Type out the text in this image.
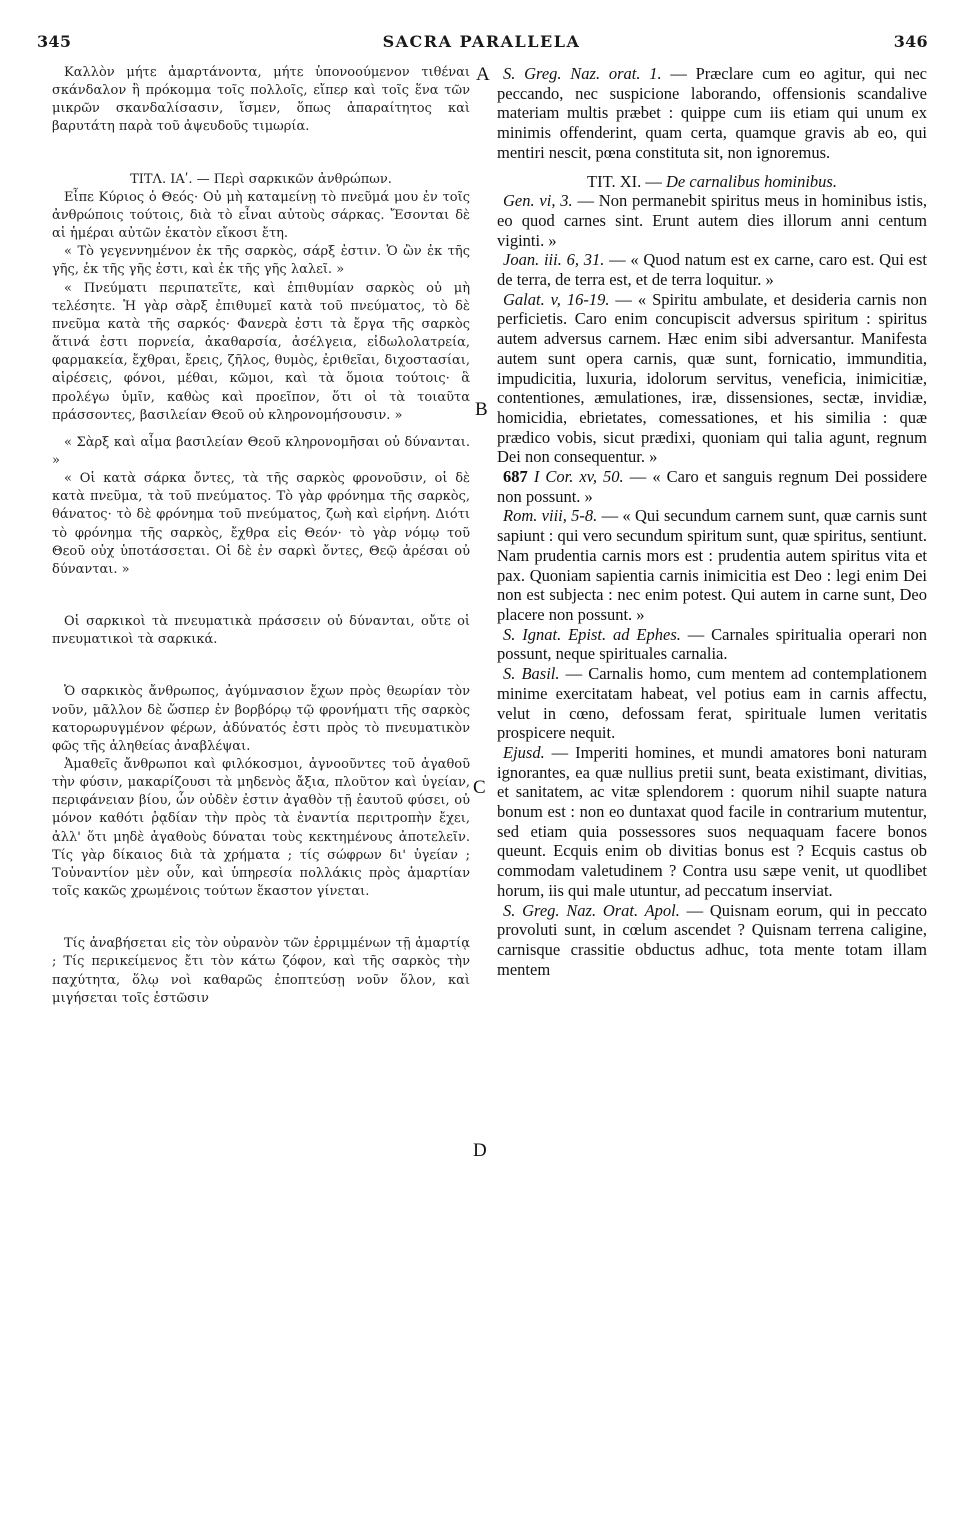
345	SACRA PARALLELA	346
A
B
C
D

Καλλὸν μήτε ἁμαρτάνοντα, μήτε ὑπονοούμενον τιθέναι σκάνδαλον ἢ πρόκομμα τοῖς πολλοῖς, εἴπερ καὶ τοῖς ἕνα τῶν μικρῶν σκανδαλίσασιν, ἴσμεν, ὅπως ἀπαραίτητος καὶ βαρυτάτη παρὰ τοῦ ἀψευδοῦς τιμωρία.

ΤΙΤΛ. ΙΑʹ. — Περὶ σαρκικῶν ἀνθρώπων.

Εἶπε Κύριος ὁ Θεός· Οὐ μὴ καταμείνῃ τὸ πνεῦμά μου ἐν τοῖς ἀνθρώποις τούτοις, διὰ τὸ εἶναι αὐτοὺς σάρκας. Ἔσονται δὲ αἱ ἡμέραι αὐτῶν ἑκατὸν εἴκοσι ἔτη.

« Τὸ γεγεννημένον ἐκ τῆς σαρκὸς, σάρξ ἐστιν. Ὁ ὢν ἐκ τῆς γῆς, ἐκ τῆς γῆς ἐστι, καὶ ἐκ τῆς γῆς λαλεῖ. »

« Πνεύματι περιπατεῖτε, καὶ ἐπιθυμίαν σαρκὸς οὐ μὴ τελέσητε. Ἡ γὰρ σὰρξ ἐπιθυμεῖ κατὰ τοῦ πνεύματος, τὸ δὲ πνεῦμα κατὰ τῆς σαρκός· Φανερὰ ἐστι τὰ ἔργα τῆς σαρκὸς ἅτινά ἐστι πορνεία, ἀκαθαρσία, ἀσέλγεια, εἰδωλολατρεία, φαρμακεία, ἔχθραι, ἔρεις, ζῆλος, θυμὸς, ἐριθεῖαι, διχοστασίαι, αἱρέσεις, φόνοι, μέθαι, κῶμοι, καὶ τὰ ὅμοια τούτοις· ἃ προλέγω ὑμῖν, καθὼς καὶ προεῖπον, ὅτι οἱ τὰ τοιαῦτα πράσσοντες, βασιλείαν Θεοῦ οὐ κληρονομήσουσιν. »

« Σὰρξ καὶ αἷμα βασιλείαν Θεοῦ κληρονομῆσαι οὐ δύνανται. »

« Οἱ κατὰ σάρκα ὄντες, τὰ τῆς σαρκὸς φρονοῦσιν, οἱ δὲ κατὰ πνεῦμα, τὰ τοῦ πνεύματος. Τὸ γὰρ φρόνημα τῆς σαρκὸς, θάνατος· τὸ δὲ φρόνημα τοῦ πνεύματος, ζωὴ καὶ εἰρήνη. Διότι τὸ φρόνημα τῆς σαρκὸς, ἔχθρα εἰς Θεόν· τὸ γὰρ νόμῳ τοῦ Θεοῦ οὐχ ὑποτάσσεται. Οἱ δὲ ἐν σαρκὶ ὄντες, Θεῷ ἀρέσαι οὐ δύνανται. »

Οἱ σαρκικοὶ τὰ πνευματικὰ πράσσειν οὐ δύνανται, οὔτε οἱ πνευματικοὶ τὰ σαρκικά.

Ὁ σαρκικὸς ἄνθρωπος, ἀγύμνασιον ἔχων πρὸς θεωρίαν τὸν νοῦν, μᾶλλον δὲ ὥσπερ ἐν βορβόρῳ τῷ φρονήματι τῆς σαρκὸς κατορωρυγμένον φέρων, ἀδύνατός ἐστι πρὸς τὸ πνευματικὸν φῶς τῆς ἀληθείας ἀναβλέψαι.

Ἀμαθεῖς ἄνθρωποι καὶ φιλόκοσμοι, ἀγνοοῦντες τοῦ ἀγαθοῦ τὴν φύσιν, μακαρίζουσι τὰ μηδενὸς ἄξια, πλοῦτον καὶ ὑγείαν, περιφάνειαν βίου, ὧν οὐδὲν ἐστιν ἀγαθὸν τῇ ἑαυτοῦ φύσει, οὐ μόνον καθότι ῥᾳδίαν τὴν πρὸς τὰ ἐναντία περιτροπὴν ἔχει, ἀλλ' ὅτι μηδὲ ἀγαθοὺς δύναται τοὺς κεκτημένους ἀποτελεῖν. Τίς γὰρ δίκαιος διὰ τὰ χρήματα ; τίς σώφρων δι' ὑγείαν ; Τοὐναντίον μὲν οὖν, καὶ ὑπηρεσία πολλάκις πρὸς ἁμαρτίαν τοῖς κακῶς χρωμένοις τούτων ἕκαστον γίνεται.

Τίς ἀναβήσεται εἰς τὸν οὐρανὸν τῶν ἐρριμμένων τῇ ἁμαρτίᾳ ; Τίς περικείμενος ἔτι τὸν κάτω ζόφον, καὶ τῆς σαρκὸς τὴν παχύτητα, ὅλῳ νοὶ καθαρῶς ἐποπτεύσῃ νοῦν ὅλον, καὶ μιγήσεται τοῖς ἑστῶσιν

S. Greg. Naz. orat. 1. — Præclare cum eo agitur, qui nec peccando, nec suspicione laborando, offensionis scandalive materiam multis præbet : quippe cum iis etiam qui unum ex minimis offenderint, quam certa, quamque gravis ab eo, qui mentiri nescit, pœna constituta sit, non ignoremus.

TIT. XI. — De carnalibus hominibus.

Gen. vi, 3. — Non permanebit spiritus meus in hominibus istis, eo quod carnes sint. Erunt autem dies illorum anni centum viginti. »

Joan. iii. 6, 31. — « Quod natum est ex carne, caro est. Qui est de terra, de terra est, et de terra loquitur. »

Galat. v, 16-19. — « Spiritu ambulate, et desideria carnis non perficietis. Caro enim concupiscit adversus spiritum : spiritus autem adversus carnem. Hæc enim sibi adversantur. Manifesta autem sunt opera carnis, quæ sunt, fornicatio, immunditia, impudicitia, luxuria, idolorum servitus, veneficia, inimicitiæ, contentiones, æmulationes, iræ, dissensiones, sectæ, invidiæ, homicidia, ebrietates, comessationes, et his similia : quæ prædico vobis, sicut prædixi, quoniam qui talia agunt, regnum Dei non consequentur. »

687 I Cor. xv, 50. — « Caro et sanguis regnum Dei possidere non possunt. »

Rom. viii, 5-8. — « Qui secundum carnem sunt, quæ carnis sunt sapiunt : qui vero secundum spiritum sunt, quæ spiritus, sentiunt. Nam prudentia carnis mors est : prudentia autem spiritus vita et pax. Quoniam sapientia carnis inimicitia est Deo : legi enim Dei non est subjecta : nec enim potest. Qui autem in carne sunt, Deo placere non possunt. »

S. Ignat. Epist. ad Ephes. — Carnales spiritualia operari non possunt, neque spirituales carnalia.

S. Basil. — Carnalis homo, cum mentem ad contemplationem minime exercitatam habeat, vel potius eam in carnis affectu, velut in cœno, defossam ferat, spirituale lumen veritatis prospicere nequit.

Ejusd. — Imperiti homines, et mundi amatores boni naturam ignorantes, ea quæ nullius pretii sunt, beata existimant, divitias, et sanitatem, ac vitæ splendorem : quorum nihil suapte natura bonum est : non eo duntaxat quod facile in contrarium mutentur, sed etiam quia possessores suos nequaquam facere bonos queunt. Ecquis enim ob divitias bonus est ? Ecquis castus ob commodam valetudinem ? Contra usu sæpe venit, ut quodlibet horum, iis qui male utuntur, ad peccatum inserviat.

S. Greg. Naz. Orat. Apol. — Quisnam eorum, qui in peccato provoluti sunt, in cœlum ascendet ? Quisnam terrena caligine, carnisque crassitie obductus adhuc, tota mente totam illam mentem
